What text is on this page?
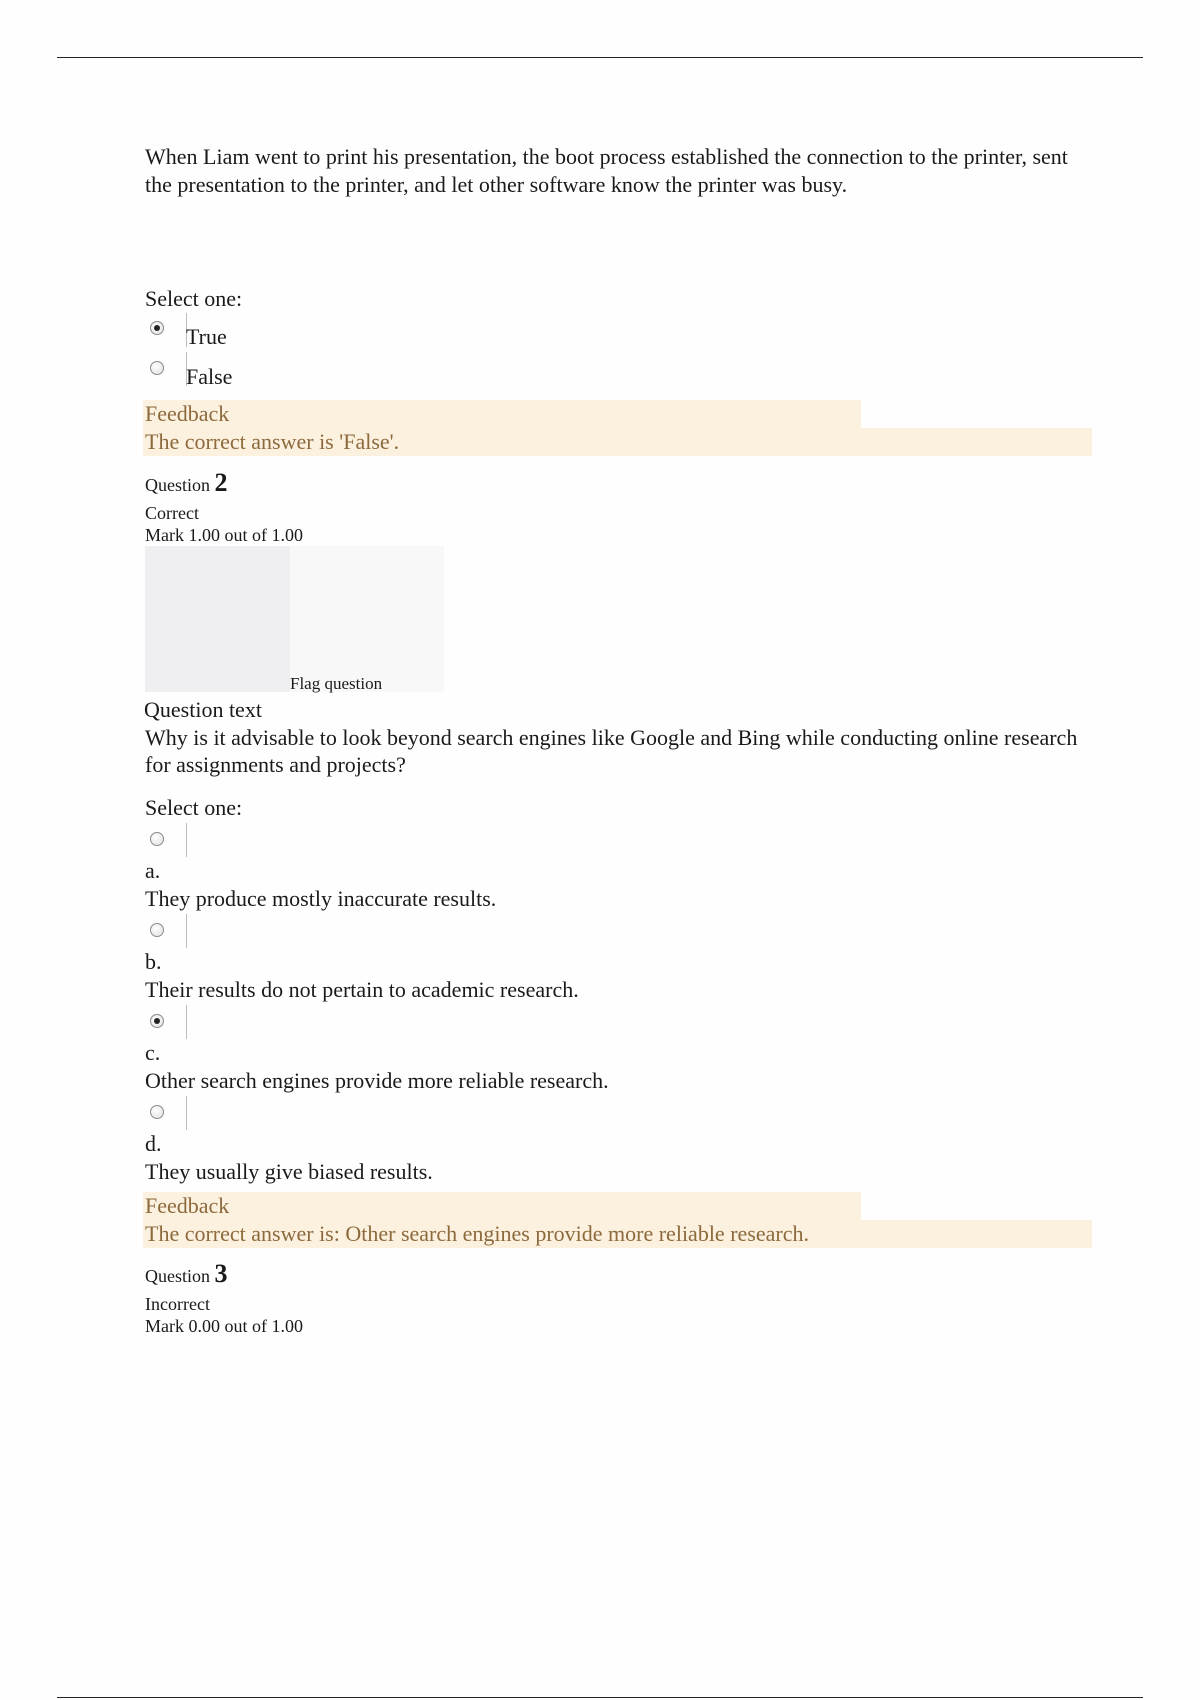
When Liam went to print his presentation, the boot process established the connection to the printer, sent the presentation to the printer, and let other software know the printer was busy.
Select one:
True
False
Feedback
The correct answer is 'False'.
Question 2
Correct
Mark 1.00 out of 1.00
Flag question
Question text
Why is it advisable to look beyond search engines like Google and Bing while conducting online research for assignments and projects?
Select one:
a.
They produce mostly inaccurate results.
b.
Their results do not pertain to academic research.
c.
Other search engines provide more reliable research.
d.
They usually give biased results.
Feedback
The correct answer is: Other search engines provide more reliable research.
Question 3
Incorrect
Mark 0.00 out of 1.00
